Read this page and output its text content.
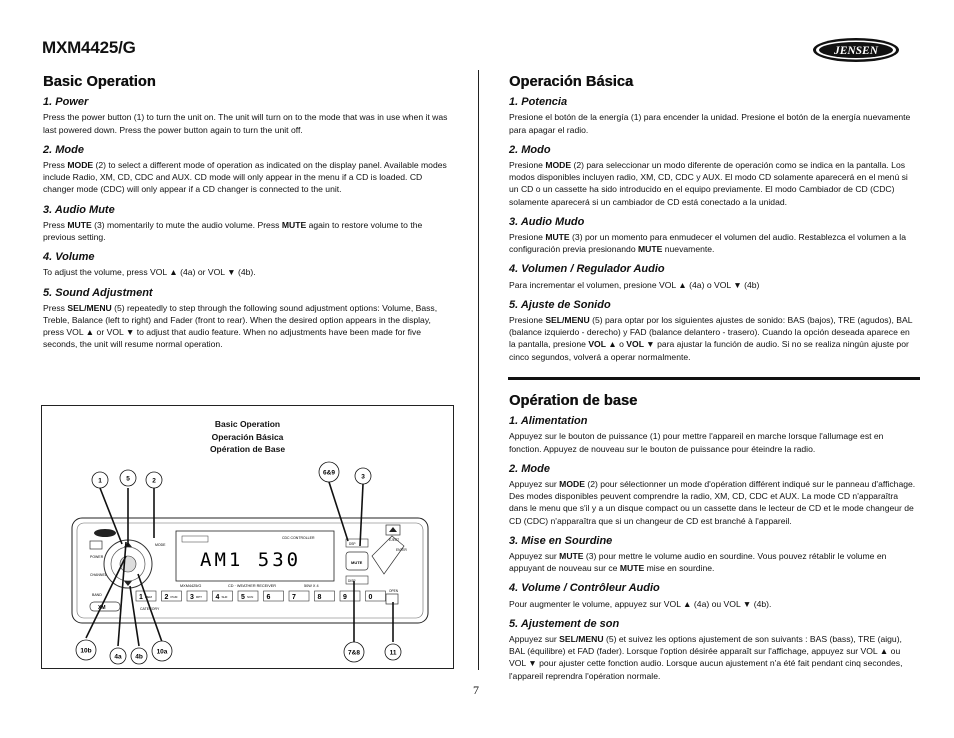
MXM4425/G	JENSEN
Basic Operation
1. Power

Press the power button (1) to turn the unit on. The unit will turn on to the mode that was in use when it was last powered down. Press the power button again to turn the unit off.

2. Mode

Press MODE (2) to select a different mode of operation as indicated on the display panel. Available modes include Radio, XM, CD, CDC and AUX. CD mode will only appear in the menu if a CD is loaded. CD changer mode (CDC) will only appear if a CD changer is connected to the unit.

3. Audio Mute

Press MUTE (3) momentarily to mute the audio volume. Press MUTE again to restore volume to the previous setting.

4. Volume

To adjust the volume, press VOL ▲ (4a) or VOL ▼ (4b).

5. Sound Adjustment

Press SEL/MENU (5) repeatedly to step through the following sound adjustment options: Volume, Bass, Treble, Balance (left to right) and Fader (front to rear). When the desired option appears in the display, press VOL ▲ or VOL ▼ to adjust that audio feature. When no adjustments have been made for five seconds, the unit will resume normal operation.

Operación Básica
1. Potencia

Presione el botón de la energía (1) para encender la unidad. Presione el botón de la energía nuevamente para apagar el radio.

2. Modo

Presione MODE (2) para seleccionar un modo diferente de operación como se indica en la pantalla. Los modos disponibles incluyen radio, XM, CD, CDC y AUX. El modo CD solamente aparecerá en el menú si un CD o un cassette ha sido introducido en el equipo previamente. El modo Cambiador de CD (CDC) solamente aparecerá si un cambiador de CD está conectado a la unidad.

3. Audio Mudo

Presione MUTE (3) por un momento para enmudecer el volumen del audio. Restablezca el volumen a la configuración previa presionando MUTE nuevamente.

4. Volumen / Regulador Audio

Para incrementar el volumen, presione VOL ▲ (4a) o VOL ▼ (4b)

5. Ajuste de Sonido

Presione SEL/MENU (5) para optar por los siguientes ajustes de sonido: BAS (bajos), TRE (agudos), BAL (balance izquierdo - derecho) y FAD (balance delantero - trasero). Cuando la opción deseada aparece en la pantalla, presione VOL ▲ o VOL ▼ para ajustar la función de audio. Si no se realiza ningún ajuste por cinco segundos, volverá a operar normalmente.

Opération de base
1. Alimentation

Appuyez sur le bouton de puissance (1) pour mettre l'appareil en marche lorsque l'allumage est en fonction. Appuyez de nouveau sur le bouton de puissance pour éteindre la radio.

2. Mode

Appuyez sur MODE (2) pour sélectionner un mode d'opération différent indiqué sur le panneau d'affichage. Des modes disponibles peuvent comprendre la radio, XM, CD, CDC et AUX. La mode CD n'apparaîtra dans le menu que s'il y a un disque compact ou un cassette dans le lecteur de CD et le mode changeur de CD (CDC) n'apparaîtra que si un changeur de CD est branché à l'appareil.

3. Mise en Sourdine

Appuyez sur MUTE (3) pour mettre le volume audio en sourdine. Vous pouvez rétablir le volume en appuyant de nouveau sur ce MUTE mise en sourdine.

4. Volume / Contrôleur Audio

Pour augmenter le volume, appuyez sur VOL ▲ (4a) ou VOL ▼ (4b).

5. Ajustement de son

Appuyez sur SEL/MENU (5) et suivez les options ajustement de son suivants : BAS (bass), TRE (aigu), BAL (équilibre) et FAD (fader). Lorsque l'option désirée apparaît sur l'affichage, appuyez sur VOL ▲ ou VOL ▼ pour ajuster cette fonction audio. Lorsque aucun ajustement n'a été fait pendant cinq secondes, l'appareil reprendra l'opération normale.

Basic Operation
Operación Básica
Opération de Base
POWER
CHANNEL
BAND
MODE
XM
CDC CONTROLLER
AM1 530
MXM4425/G	CD · WEATHER RECEIVER	50W X 4
DSP
MUTE
DISP
ENTER
EJECT
OPEN
1 MEM 2 PGM 3 RPT 4 SHF 5 SCN 6	7	8	9	0
CATEGORY
1	5	2
6&9
3
10b
4a 4b
10a	7&8	11
7
